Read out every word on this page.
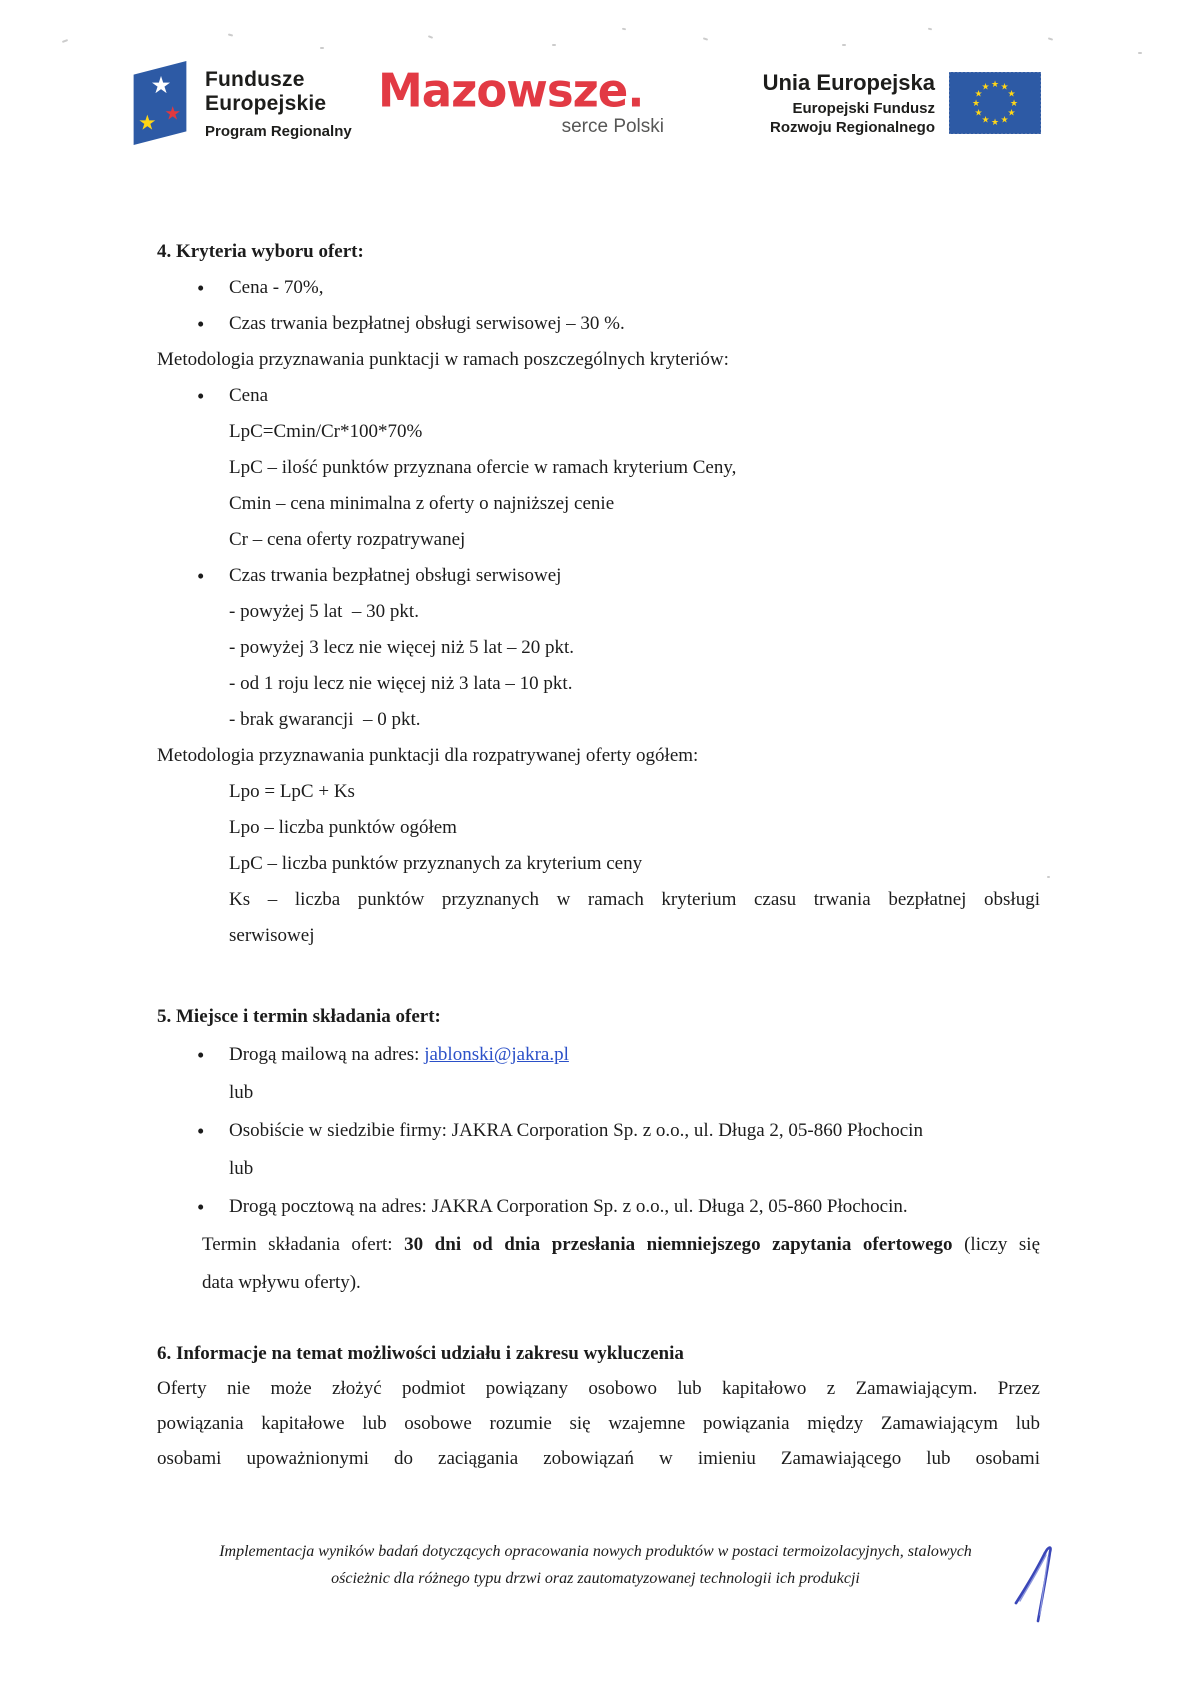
★
★ ★
Fundusze
Europejskie
Program Regionalny
Mazowsze.
serce Polski
Unia Europejska
Europejski Fundusz
Rozwoju Regionalnego
★ ★
★
★
★
★
★
★
★
★
★
★
4. Kryteria wyboru ofert:
• Cena - 70%,
• Czas trwania bezpłatnej obsługi serwisowej – 30 %.
Metodologia przyznawania punktacji w ramach poszczególnych kryteriów:
• Cena
LpC=Cmin/Cr*100*70%
LpC – ilość punktów przyznana ofercie w ramach kryterium Ceny,
Cmin – cena minimalna z oferty o najniższej cenie
Cr – cena oferty rozpatrywanej
• Czas trwania bezpłatnej obsługi serwisowej
- powyżej 5 lat  – 30 pkt.
- powyżej 3 lecz nie więcej niż 5 lat – 20 pkt.
- od 1 roju lecz nie więcej niż 3 lata – 10 pkt.
- brak gwarancji  – 0 pkt.
Metodologia przyznawania punktacji dla rozpatrywanej oferty ogółem:
Lpo = LpC + Ks
Lpo – liczba punktów ogółem
LpC – liczba punktów przyznanych za kryterium ceny
Ks – liczba punktów przyznanych w ramach kryterium czasu trwania bezpłatnej obsługi
serwisowej
5. Miejsce i termin składania ofert:
• Drogą mailową na adres: jablonski@jakra.pl
lub
• Osobiście w siedzibie firmy: JAKRA Corporation Sp. z o.o., ul. Długa 2, 05-860 Płochocin
lub
• Drogą pocztową na adres: JAKRA Corporation Sp. z o.o., ul. Długa 2, 05-860 Płochocin.
Termin składania ofert: 30 dni od dnia przesłania niemniejszego zapytania ofertowego (liczy się
data wpływu oferty).
6. Informacje na temat możliwości udziału i zakresu wykluczenia
Oferty nie może złożyć podmiot powiązany osobowo lub kapitałowo z Zamawiającym. Przez
powiązania kapitałowe lub osobowe rozumie się wzajemne powiązania między Zamawiającym lub
osobami upoważnionymi do zaciągania zobowiązań w imieniu Zamawiającego lub osobami
Implementacja wyników badań dotyczących opracowania nowych produktów w postaci termoizolacyjnych, stalowych
ościeżnic dla różnego typu drzwi oraz zautomatyzowanej technologii ich produkcji
